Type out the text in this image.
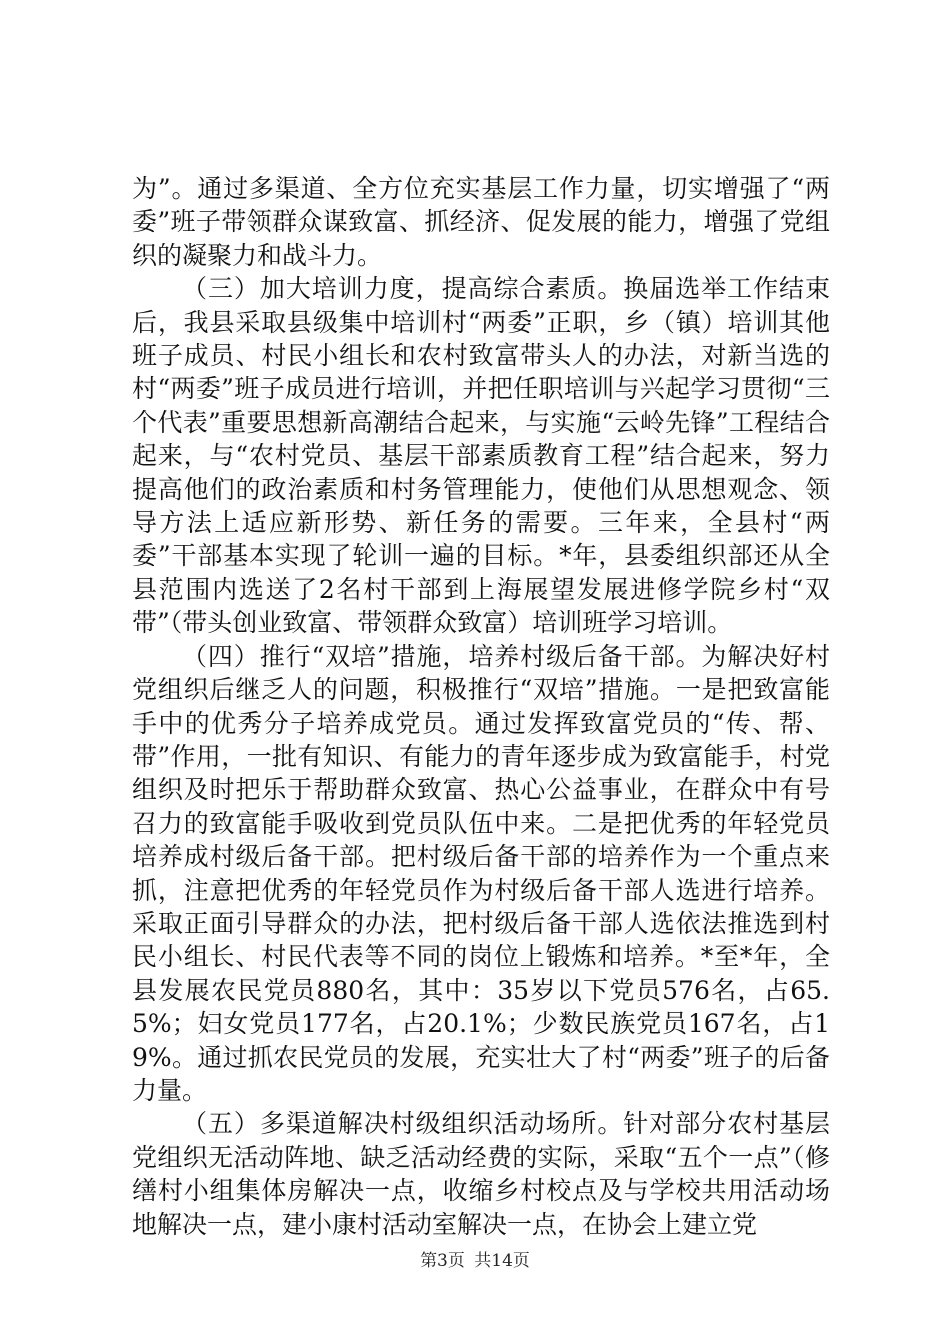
为”。通过多渠道、全方位充实基层工作力量，切实增强了“两委”班子带领群众谋致富、抓经济、促发展的能力，增强了党组织的凝聚力和战斗力。

（三）加大培训力度，提高综合素质。换届选举工作结束后，我县采取县级集中培训村“两委”正职，乡（镇）培训其他班子成员、村民小组长和农村致富带头人的办法，对新当选的村“两委”班子成员进行培训，并把任职培训与兴起学习贯彻“三个代表”重要思想新高潮结合起来，与实施“云岭先锋”工程结合起来，与“农村党员、基层干部素质教育工程”结合起来，努力提高他们的政治素质和村务管理能力，使他们从思想观念、领导方法上适应新形势、新任务的需要。三年来，全县村“两委”干部基本实现了轮训一遍的目标。*年，县委组织部还从全县范围内选送了2名村干部到上海展望发展进修学院乡村“双带”（带头创业致富、带领群众致富）培训班学习培训。

（四）推行“双培”措施，培养村级后备干部。为解决好村党组织后继乏人的问题，积极推行“双培”措施。一是把致富能手中的优秀分子培养成党员。通过发挥致富党员的“传、帮、带”作用，一批有知识、有能力的青年逐步成为致富能手，村党组织及时把乐于帮助群众致富、热心公益事业，在群众中有号召力的致富能手吸收到党员队伍中来。二是把优秀的年轻党员培养成村级后备干部。把村级后备干部的培养作为一个重点来抓，注意把优秀的年轻党员作为村级后备干部人选进行培养。采取正面引导群众的办法，把村级后备干部人选依法推选到村民小组长、村民代表等不同的岗位上锻炼和培养。*至*年，全县发展农民党员880名，其中：35岁以下党员576名，占65.5%；妇女党员177名，占20.1%；少数民族党员167名，占19%。通过抓农民党员的发展，充实壮大了村“两委”班子的后备力量。

（五）多渠道解决村级组织活动场所。针对部分农村基层党组织无活动阵地、缺乏活动经费的实际，采取“五个一点”（修缮村小组集体房解决一点，收缩乡村校点及与学校共用活动场地解决一点，建小康村活动室解决一点，在协会上建立党

第3页 共14页
